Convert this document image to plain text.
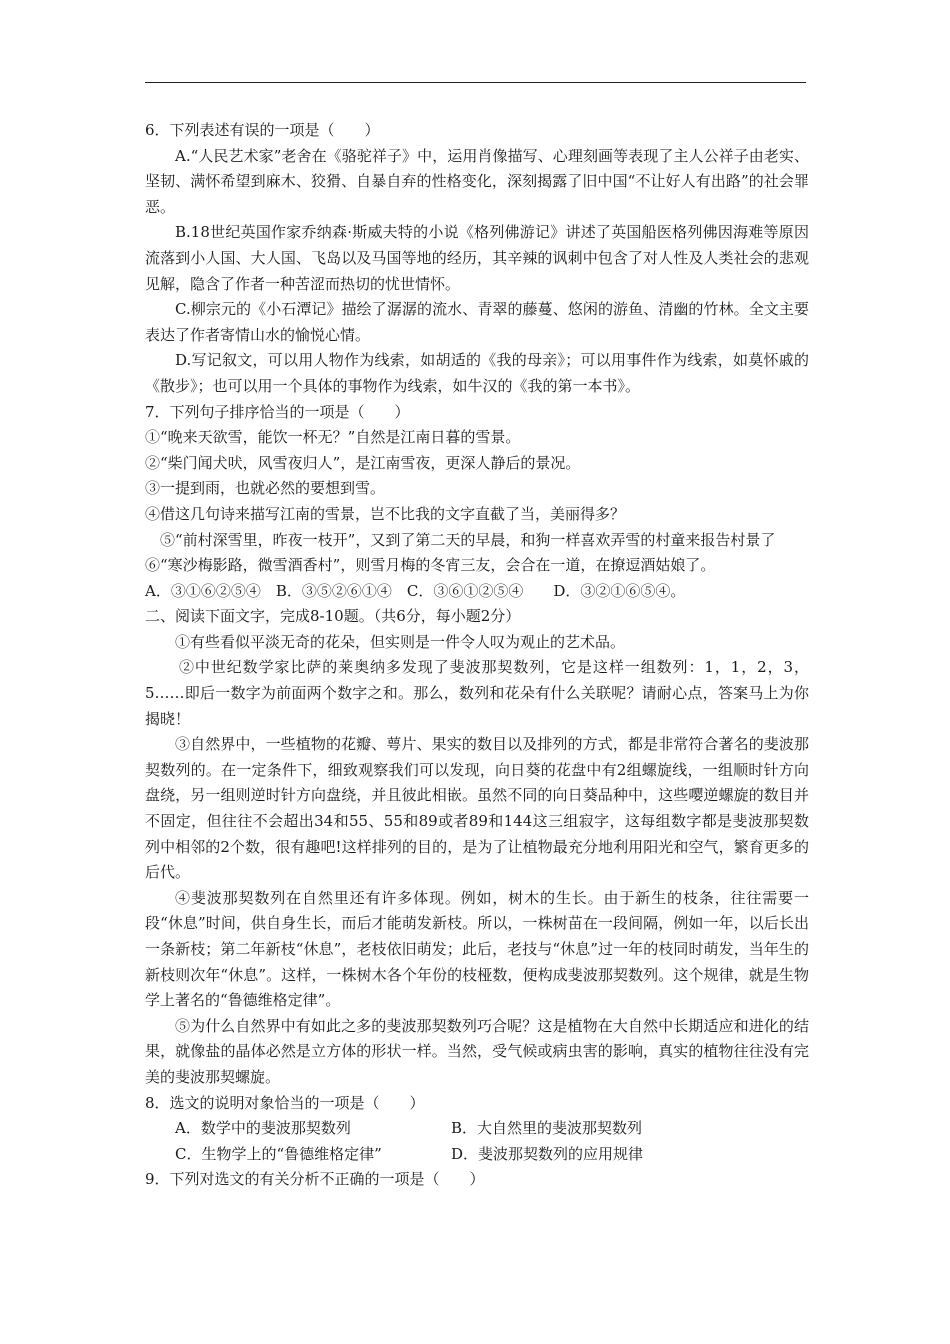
6．下列表述有误的一项是（　　）

A.“人民艺术家”老舍在《骆驼祥子》中，运用肖像描写、心理刻画等表现了主人公祥子由老实、坚韧、满怀希望到麻木、狡猾、自暴自弃的性格变化，深刻揭露了旧中国“不让好人有出路”的社会罪恶。

B.18世纪英国作家乔纳森·斯威夫特的小说《格列佛游记》讲述了英国船医格列佛因海难等原因流落到小人国、大人国、飞岛以及马国等地的经历，其辛辣的讽刺中包含了对人性及人类社会的悲观见解，隐含了作者一种苦涩而热切的忧世情怀。

C.柳宗元的《小石潭记》描绘了潺潺的流水、青翠的藤蔓、悠闲的游鱼、清幽的竹林。全文主要表达了作者寄情山水的愉悦心情。

D.写记叙文，可以用人物作为线索，如胡适的《我的母亲》；可以用事件作为线索，如莫怀戚的《散步》；也可以用一个具体的事物作为线索，如牛汉的《我的第一本书》。

7．下列句子排序恰当的一项是（　　）

①“晚来天欲雪，能饮一杯无？”自然是江南日暮的雪景。

②“柴门闻犬吠，风雪夜归人”，是江南雪夜，更深人静后的景况。

③一提到雨，也就必然的要想到雪。

④借这几句诗来描写江南的雪景，岂不比我的文字直截了当，美丽得多？

⑤“前村深雪里，昨夜一枝开”，又到了第二天的早晨，和狗一样喜欢弄雪的村童来报告村景了

⑥“寒沙梅影路，微雪酒香村”，则雪月梅的冬宵三友，会合在一道，在撩逗酒姑娘了。

A．③①⑥②⑤④　B．③⑤②⑥①④　C．③⑥①②⑤④　　D．③②①⑥⑤④。

二、阅读下面文字，完成8-10题。（共6分，每小题2分）

①有些看似平淡无奇的花朵，但实则是一件令人叹为观止的艺术品。

②中世纪数学家比萨的莱奥纳多发现了斐波那契数列，它是这样一组数列：1，1，2，3，5……即后一数字为前面两个数字之和。那么，数列和花朵有什么关联呢？请耐心点，答案马上为你揭晓！

③自然界中，一些植物的花瓣、萼片、果实的数目以及排列的方式，都是非常符合著名的斐波那契数列的。在一定条件下，细致观察我们可以发现，向日葵的花盘中有2组螺旋线，一组顺时针方向盘绕，另一组则逆时针方向盘绕，并且彼此相嵌。虽然不同的向日葵品种中，这些嘤逆螺旋的数目并不固定，但往往不会超出34和55、55和89或者89和144这三组寂字，这每组数字都是斐波那契数列中相邻的2个数，很有趣吧!这样排列的目的，是为了让植物最充分地利用阳光和空气，繁育更多的后代。

④斐波那契数列在自然里还有许多体现。例如，树木的生长。由于新生的枝条，往往需要一段“休息”时间，供自身生长，而后才能萌发新枝。所以，一株树苗在一段间隔，例如一年，以后长出一条新枝；第二年新枝“休息”，老枝依旧萌发；此后，老技与“休息”过一年的枝同时萌发，当年生的新枝则次年“休息”。这样，一株树木各个年份的枝桠数，便构成斐波那契数列。这个规律，就是生物学上著名的“鲁德维格定律”。

⑤为什么自然界中有如此之多的斐波那契数列巧合呢？这是植物在大自然中长期适应和进化的结果，就像盐的晶体必然是立方体的形状一样。当然，受气候或病虫害的影响，真实的植物往往没有完美的斐波那契螺旋。

8．选文的说明对象恰当的一项是（　　）

A．数学中的斐波那契数列	B．大自然里的斐波那契数列
C．生物学上的“鲁德维格定律”	D．斐波那契数列的应用规律

9．下列对选文的有关分析不正确的一项是（　　）
